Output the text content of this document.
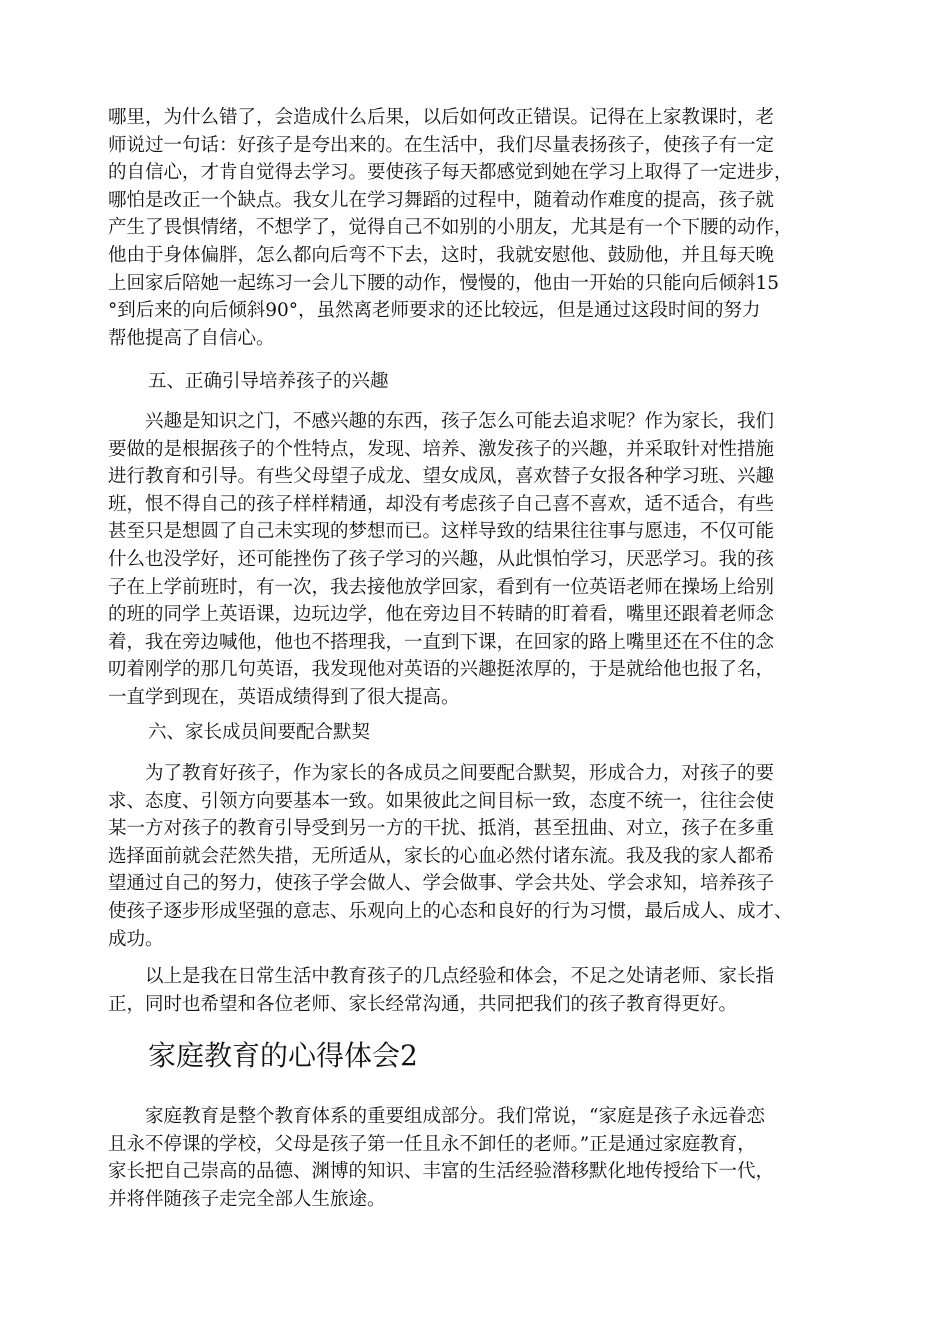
哪里，为什么错了，会造成什么后果，以后如何改正错误。记得在上家教课时，老
师说过一句话：好孩子是夸出来的。在生活中，我们尽量表扬孩子，使孩子有一定
的自信心，才肯自觉得去学习。要使孩子每天都感觉到她在学习上取得了一定进步，
哪怕是改正一个缺点。我女儿在学习舞蹈的过程中，随着动作难度的提高，孩子就
产生了畏惧情绪，不想学了，觉得自己不如别的小朋友，尤其是有一个下腰的动作，
他由于身体偏胖，怎么都向后弯不下去，这时，我就安慰他、鼓励他，并且每天晚
上回家后陪她一起练习一会儿下腰的动作，慢慢的，他由一开始的只能向后倾斜15
°到后来的向后倾斜90°，虽然离老师要求的还比较远，但是通过这段时间的努力
帮他提高了自信心。
五、正确引导培养孩子的兴趣
　　兴趣是知识之门，不感兴趣的东西，孩子怎么可能去追求呢？作为家长，我们
要做的是根据孩子的个性特点，发现、培养、激发孩子的兴趣，并采取针对性措施
进行教育和引导。有些父母望子成龙、望女成凤，喜欢替子女报各种学习班、兴趣
班，恨不得自己的孩子样样精通，却没有考虑孩子自己喜不喜欢，适不适合，有些
甚至只是想圆了自己未实现的梦想而已。这样导致的结果往往事与愿违，不仅可能
什么也没学好，还可能挫伤了孩子学习的兴趣，从此惧怕学习，厌恶学习。我的孩
子在上学前班时，有一次，我去接他放学回家，看到有一位英语老师在操场上给别
的班的同学上英语课，边玩边学，他在旁边目不转睛的盯着看，嘴里还跟着老师念
着，我在旁边喊他，他也不搭理我，一直到下课，在回家的路上嘴里还在不住的念
叨着刚学的那几句英语，我发现他对英语的兴趣挺浓厚的，于是就给他也报了名，
一直学到现在，英语成绩得到了很大提高。
六、家长成员间要配合默契
　　为了教育好孩子，作为家长的各成员之间要配合默契，形成合力，对孩子的要
求、态度、引领方向要基本一致。如果彼此之间目标一致，态度不统一，往往会使
某一方对孩子的教育引导受到另一方的干扰、抵消，甚至扭曲、对立，孩子在多重
选择面前就会茫然失措，无所适从，家长的心血必然付诸东流。我及我的家人都希
望通过自己的努力，使孩子学会做人、学会做事、学会共处、学会求知，培养孩子
使孩子逐步形成坚强的意志、乐观向上的心态和良好的行为习惯，最后成人、成才、
成功。
　　以上是我在日常生活中教育孩子的几点经验和体会，不足之处请老师、家长指
正，同时也希望和各位老师、家长经常沟通，共同把我们的孩子教育得更好。
家庭教育的心得体会2
　　家庭教育是整个教育体系的重要组成部分。我们常说，“家庭是孩子永远眷恋
且永不停课的学校，父母是孩子第一任且永不卸任的老师。”正是通过家庭教育，
家长把自己崇高的品德、渊博的知识、丰富的生活经验潜移默化地传授给下一代，
并将伴随孩子走完全部人生旅途。
